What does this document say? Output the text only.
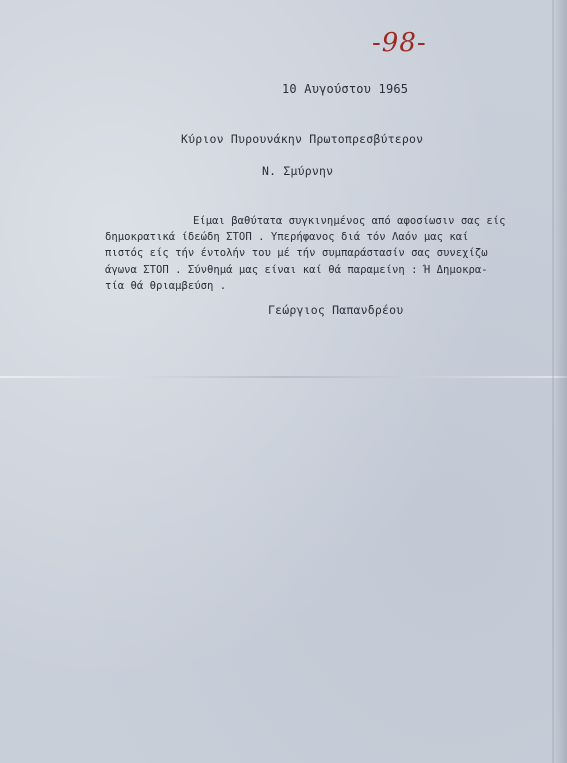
-98-
10 Αυγούστου 1965
Κύριον Πυρουνάκην Πρωτοπρεσβύτερον
Ν. Σμύρνην
Είμαι βαθύτατα συγκινημένος από αφοσίωσιν σας είς
δημοκρατικά ίδεώδη ΣΤΟΠ . Υπερήφανος διά τόν Λαόν μας καί
πιστός είς τήν έντολήν του μέ τήν συμπαράστασίν σας συνεχίζω
άγωνα ΣΤΟΠ . Σύνθημά μας είναι καί θά παραμείνη : Ή Δημοκρα-
τία θά θριαμβεύση .
Γεώργιος Παπανδρέου
